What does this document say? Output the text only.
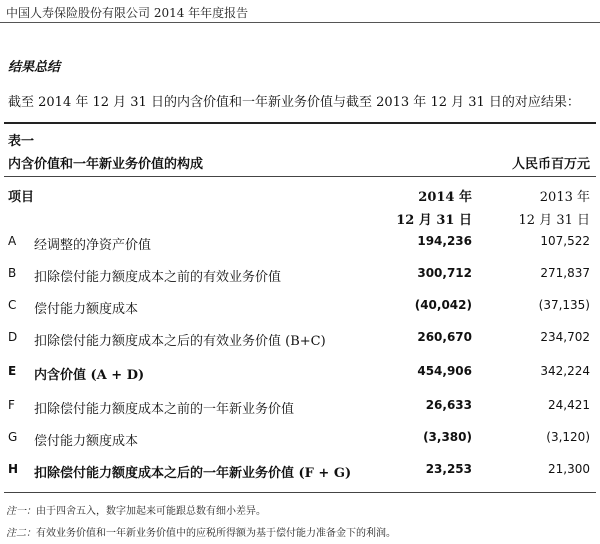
中国人寿保险股份有限公司 2014 年年度报告
结果总结
截至 2014 年 12 月 31 日的内含价值和一年新业务价值与截至 2013 年 12 月 31 日的对应结果：
表一
内含价值和一年新业务价值的构成	人民币百万元
项目	2014 年
12 月 31 日
2013 年
12 月 31 日
A	经调整的净资产价值	194,236	107,522
B	扣除偿付能力额度成本之前的有效业务价值	300,712	271,837
C	偿付能力额度成本	(40,042)	(37,135)
D	扣除偿付能力额度成本之后的有效业务价值 (B+C)	260,670	234,702
E	内含价值 (A + D)	454,906	342,224
F	扣除偿付能力额度成本之前的一年新业务价值	26,633	24,421
G	偿付能力额度成本	(3,380)	(3,120)
H	扣除偿付能力额度成本之后的一年新业务价值 (F + G)	23,253	21,300
注一：由于四舍五入，数字加起来可能跟总数有细小差异。
注二：有效业务价值和一年新业务价值中的应税所得额为基于偿付能力准备金下的利润。
